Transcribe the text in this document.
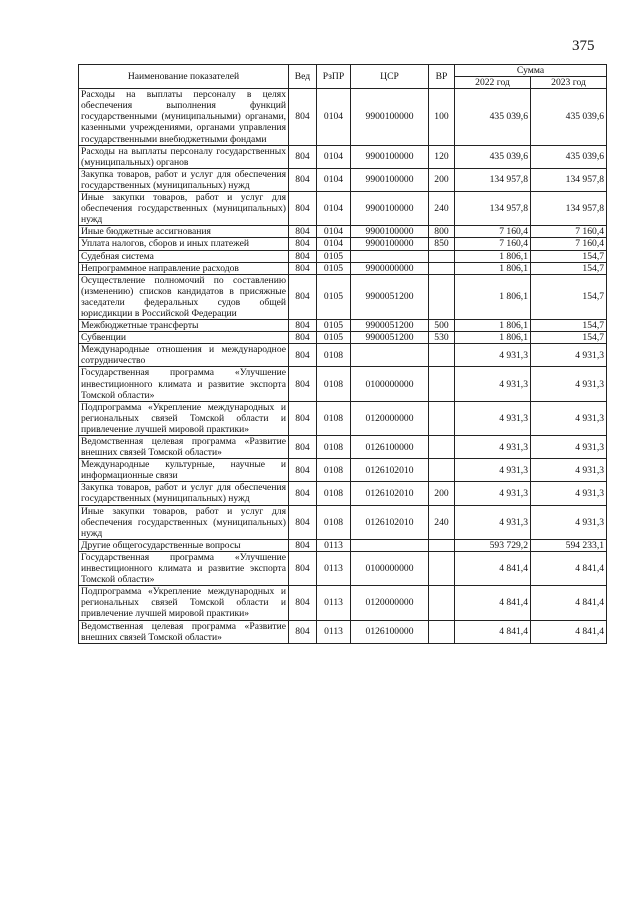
375
Наименование показателей	Вед	РзПР	ЦСР	ВР	Сумма	
					2022 год	2023 год
Расходы на выплаты персоналу в целях обеспечения выполнения функций государственными (муниципальными) органами, казенными учреждениями, органами управления государственными внебюджетными фондами	804	0104	9900100000	100	435 039,6	435 039,6
Расходы на выплаты персоналу государственных (муниципальных) органов	804	0104	9900100000	120	435 039,6	435 039,6
Закупка товаров, работ и услуг для обеспечения государственных (муниципальных) нужд	804	0104	9900100000	200	134 957,8	134 957,8
Иные закупки товаров, работ и услуг для обеспечения государственных (муниципальных) нужд	804	0104	9900100000	240	134 957,8	134 957,8
Иные бюджетные ассигнования	804	0104	9900100000	800	7 160,4	7 160,4
Уплата налогов, сборов и иных платежей	804	0104	9900100000	850	7 160,4	7 160,4
Судебная система	804	0105			1 806,1	154,7
Непрограммное направление расходов	804	0105	9900000000		1 806,1	154,7
Осуществление полномочий по составлению (изменению) списков кандидатов в присяжные заседатели федеральных судов общей юрисдикции в Российской Федерации	804	0105	9900051200		1 806,1	154,7
Межбюджетные трансферты	804	0105	9900051200	500	1 806,1	154,7
Субвенции	804	0105	9900051200	530	1 806,1	154,7
Международные отношения и международное сотрудничество	804	0108			4 931,3	4 931,3
Государственная программа «Улучшение инвестиционного климата и развитие экспорта Томской области»	804	0108	0100000000		4 931,3	4 931,3
Подпрограмма «Укрепление международных и региональных связей Томской области и привлечение лучшей мировой практики»	804	0108	0120000000		4 931,3	4 931,3
Ведомственная целевая программа «Развитие внешних связей Томской области»	804	0108	0126100000		4 931,3	4 931,3
Международные культурные, научные и информационные связи	804	0108	0126102010		4 931,3	4 931,3
Закупка товаров, работ и услуг для обеспечения государственных (муниципальных) нужд	804	0108	0126102010	200	4 931,3	4 931,3
Иные закупки товаров, работ и услуг для обеспечения государственных (муниципальных) нужд	804	0108	0126102010	240	4 931,3	4 931,3
Другие общегосударственные вопросы	804	0113			593 729,2	594 233,1
Государственная программа «Улучшение инвестиционного климата и развитие экспорта Томской области»	804	0113	0100000000		4 841,4	4 841,4
Подпрограмма «Укрепление международных и региональных связей Томской области и привлечение лучшей мировой практики»	804	0113	0120000000		4 841,4	4 841,4
Ведомственная целевая программа «Развитие внешних связей Томской области»	804	0113	0126100000		4 841,4	4 841,4
